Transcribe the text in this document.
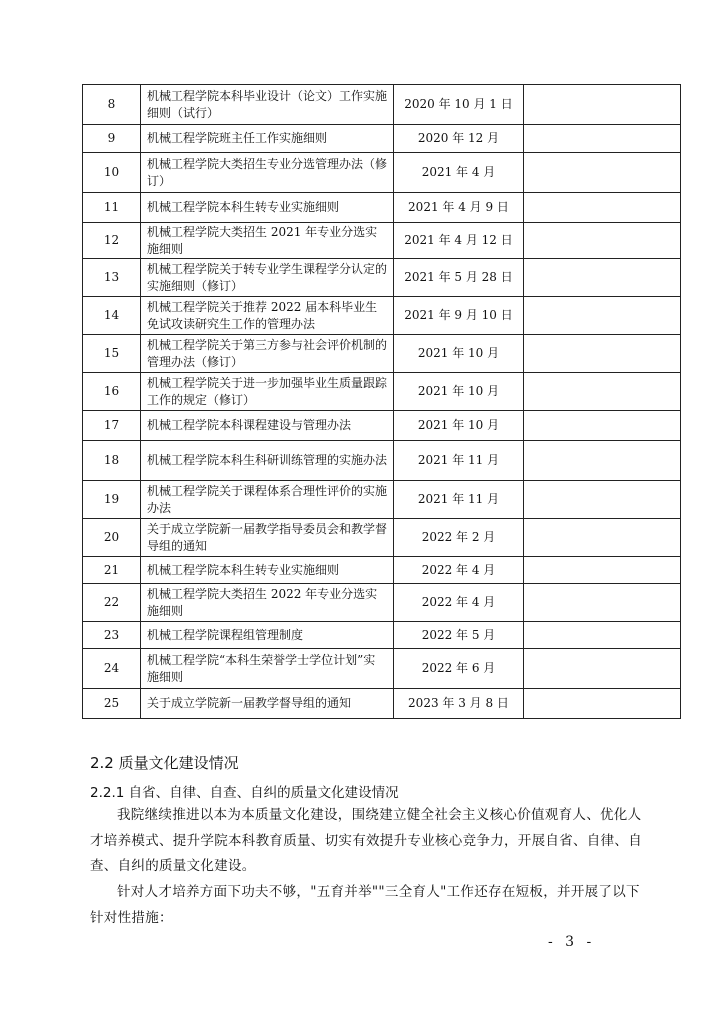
8	机械工程学院本科毕业设计（论文）工作实施细则（试行）	2020 年 10 月 1 日	
9	机械工程学院班主任工作实施细则	2020 年 12 月	
10	机械工程学院大类招生专业分选管理办法（修订）	2021 年 4 月	
11	机械工程学院本科生转专业实施细则	2021 年 4 月 9 日	
12	机械工程学院大类招生 2021 年专业分选实施细则	2021 年 4 月 12 日	
13	机械工程学院关于转专业学生课程学分认定的实施细则（修订）	2021 年 5 月 28 日	
14	机械工程学院关于推荐 2022 届本科毕业生免试攻读研究生工作的管理办法	2021 年 9 月 10 日	
15	机械工程学院关于第三方参与社会评价机制的管理办法（修订）	2021 年 10 月	
16	机械工程学院关于进一步加强毕业生质量跟踪工作的规定（修订）	2021 年 10 月	
17	机械工程学院本科课程建设与管理办法	2021 年 10 月	
18	机械工程学院本科生科研训练管理的实施办法	2021 年 11 月	
19	机械工程学院关于课程体系合理性评价的实施办法	2021 年 11 月	
20	关于成立学院新一届教学指导委员会和教学督导组的通知	2022 年 2 月	
21	机械工程学院本科生转专业实施细则	2022 年 4 月	
22	机械工程学院大类招生 2022 年专业分选实施细则	2022 年 4 月	
23	机械工程学院课程组管理制度	2022 年 5 月	
24	机械工程学院“本科生荣誉学士学位计划”实施细则	2022 年 6 月	
25	关于成立学院新一届教学督导组的通知	2023 年 3 月 8 日	
2.2 质量文化建设情况
2.2.1 自省、自律、自查、自纠的质量文化建设情况
我院继续推进以本为本质量文化建设，围绕建立健全社会主义核心价值观育人、优化人才培养模式、提升学院本科教育质量、切实有效提升专业核心竞争力，开展自省、自律、自查、自纠的质量文化建设。
针对人才培养方面下功夫不够，"五育并举""三全育人"工作还存在短板，并开展了以下针对性措施：
- 3 -
